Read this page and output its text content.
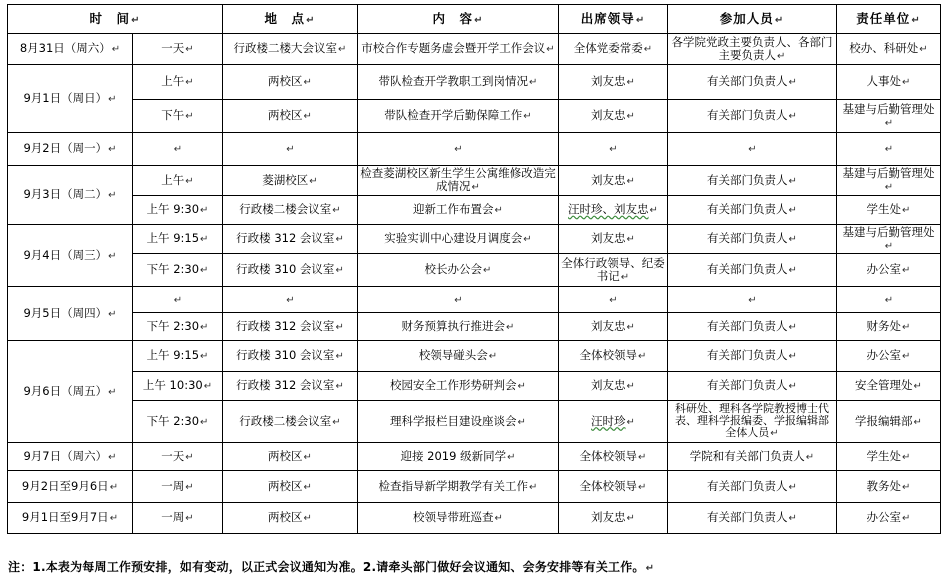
时　间↵		地　点↵	内　容↵	出席领导↵	参加人员↵	责任单位↵
8月31日（周六）↵	一天↵	行政楼二楼大会议室↵	市校合作专题务虚会暨开学工作会议↵	全体党委常委↵	各学院党政主要负责人、各部门主要负责人↵	校办、科研处↵
9月1日（周日）↵	上午↵	两校区↵	带队检查开学教职工到岗情况↵	刘友忠↵	有关部门负责人↵	人事处↵
	下午↵	两校区↵	带队检查开学后勤保障工作↵	刘友忠↵	有关部门负责人↵	基建与后勤管理处↵
9月2日（周一）↵	↵	↵	↵	↵	↵	↵
9月3日（周二）↵	上午↵	菱湖校区↵	检查菱湖校区新生学生公寓维修改造完成情况↵	刘友忠↵	有关部门负责人↵	基建与后勤管理处↵
	上午 9:30↵	行政楼二楼会议室↵	迎新工作布置会↵	汪时珍、刘友忠↵	有关部门负责人↵	学生处↵
9月4日（周三）↵	上午 9:15↵	行政楼 312 会议室↵	实验实训中心建设月调度会↵	刘友忠↵	有关部门负责人↵	基建与后勤管理处↵
	下午 2:30↵	行政楼 310 会议室↵	校长办公会↵	全体行政领导、纪委书记↵	有关部门负责人↵	办公室↵
9月5日（周四）↵	↵	↵	↵	↵	↵	↵
	下午 2:30↵	行政楼 312 会议室↵	财务预算执行推进会↵	刘友忠↵	有关部门负责人↵	财务处↵
9月6日（周五）↵	上午 9:15↵	行政楼 310 会议室↵	校领导碰头会↵	全体校领导↵	有关部门负责人↵	办公室↵
	上午 10:30↵	行政楼 312 会议室↵	校园安全工作形势研判会↵	刘友忠↵	有关部门负责人↵	安全管理处↵
	下午 2:30↵	行政楼二楼会议室↵	理科学报栏目建设座谈会↵	汪时珍↵	科研处、理科各学院教授博士代表、理科学报编委、学报编辑部全体人员↵	学报编辑部↵
9月7日（周六）↵	一天↵	两校区↵	迎接 2019 级新同学↵	全体校领导↵	学院和有关部门负责人↵	学生处↵
9月2日至9月6日↵	一周↵	两校区↵	检查指导新学期教学有关工作↵	全体校领导↵	有关部门负责人↵	教务处↵
9月1日至9月7日↵	一周↵	两校区↵	校领导带班巡查↵	刘友忠↵	有关部门负责人↵	办公室↵
注：1.本表为每周工作预安排，如有变动，以正式会议通知为准。2.请牵头部门做好会议通知、会务安排等有关工作。↵
